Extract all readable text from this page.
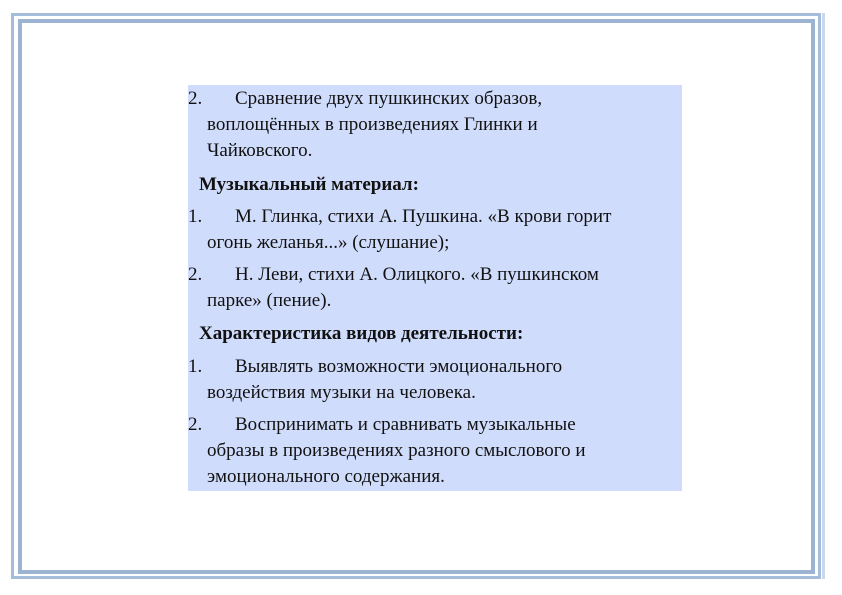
2.	Сравнение двух пушкинских образов,
воплощённых в произведениях Глинки и
Чайковского.
Музыкальный материал:
1.	М. Глинка, стихи А. Пушкина. «В крови горит
огонь желанья...» (слушание);
2.	Н. Леви, стихи А. Олицкого. «В пушкинском
парке» (пение).
Характеристика видов деятельности:
1.	Выявлять возможности эмоционального
воздействия музыки на человека.
2.	Воспринимать и сравнивать музыкальные
образы в произведениях разного смыслового и
эмоционального содержания.
